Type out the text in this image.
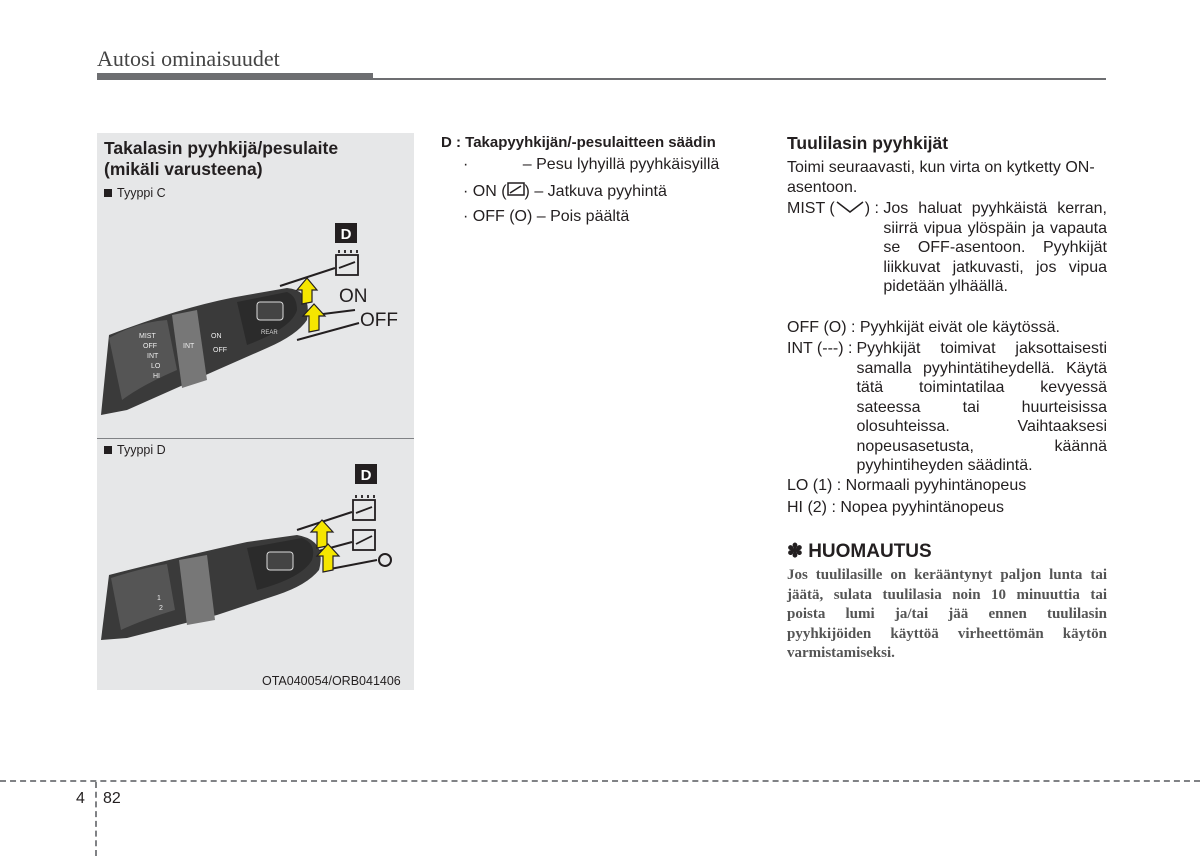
Autosi ominaisuudet
Takalasin pyyhkijä/pesulaite
(mikäli varusteena)
Tyyppi C
D
ON
OFF
REAR
MIST
OFF
INT
LO
HI
INT
ON
OFF
Tyyppi D
D
1
2
OTA040054/ORB041406
D : Takapyyhkijän/-pesulaitteen säädin
·	– Pesu lyhyillä pyyhkäisyillä
· ON ( ) – Jatkuva pyyhintä
· OFF (O) – Pois päältä
Tuulilasin pyyhkijät
Toimi seuraavasti, kun virta on kytketty ON-asentoon.
MIST ( ) : Jos haluat pyyhkäistä kerran, siirrä vipua ylöspäin ja vapauta se OFF-asentoon. Pyyhkijät liikkuvat jatkuvasti, jos vipua pidetään ylhäällä.
OFF (O) : Pyyhkijät eivät ole käytössä.
INT (---) : Pyyhkijät toimivat jaksottaisesti samalla pyyhintätiheydellä. Käytä tätä toimintatilaa kevyessä sateessa tai huurteisissa olosuhteissa. Vaihtaaksesi nopeusasetusta, käännä pyyhintiheyden säädintä.
LO (1) : Normaali pyyhintänopeus
HI (2) : Nopea pyyhintänopeus
✽ HUOMAUTUS
Jos tuulilasille on kerääntynyt paljon lunta tai jäätä, sulata tuulilasia noin 10 minuuttia tai poista lumi ja/tai jää ennen tuulilasin pyyhkijöiden käyttöä virheettömän käytön varmistamiseksi.
4 82
